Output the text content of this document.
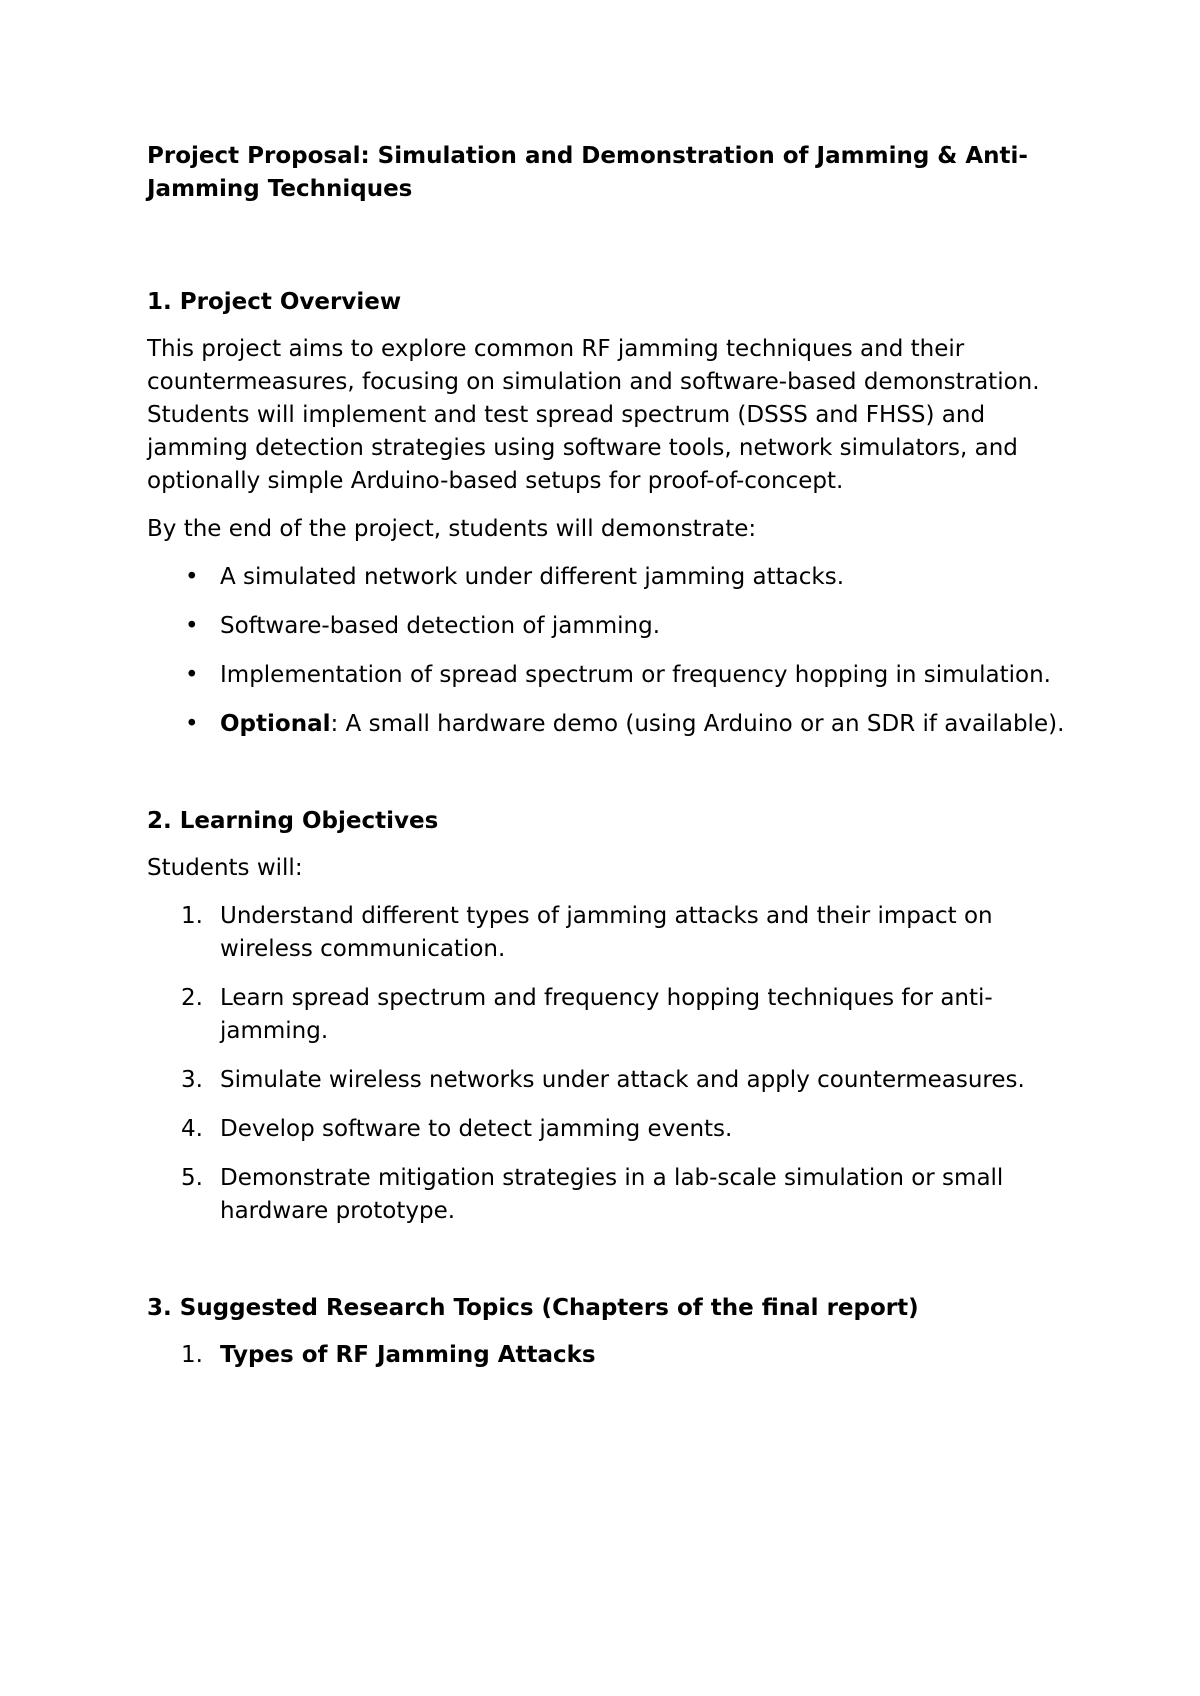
Project Proposal: Simulation and Demonstration of Jamming & Anti-Jamming Techniques
1. Project Overview
This project aims to explore common RF jamming techniques and their countermeasures, focusing on simulation and software-based demonstration. Students will implement and test spread spectrum (DSSS and FHSS) and jamming detection strategies using software tools, network simulators, and optionally simple Arduino-based setups for proof-of-concept.
By the end of the project, students will demonstrate:
• A simulated network under different jamming attacks.
• Software-based detection of jamming.
• Implementation of spread spectrum or frequency hopping in simulation.
• Optional: A small hardware demo (using Arduino or an SDR if available).
2. Learning Objectives
Students will:
1. Understand different types of jamming attacks and their impact on wireless communication.
2. Learn spread spectrum and frequency hopping techniques for anti-jamming.
3. Simulate wireless networks under attack and apply countermeasures.
4. Develop software to detect jamming events.
5. Demonstrate mitigation strategies in a lab-scale simulation or small hardware prototype.
3. Suggested Research Topics (Chapters of the final report)
1. Types of RF Jamming Attacks
